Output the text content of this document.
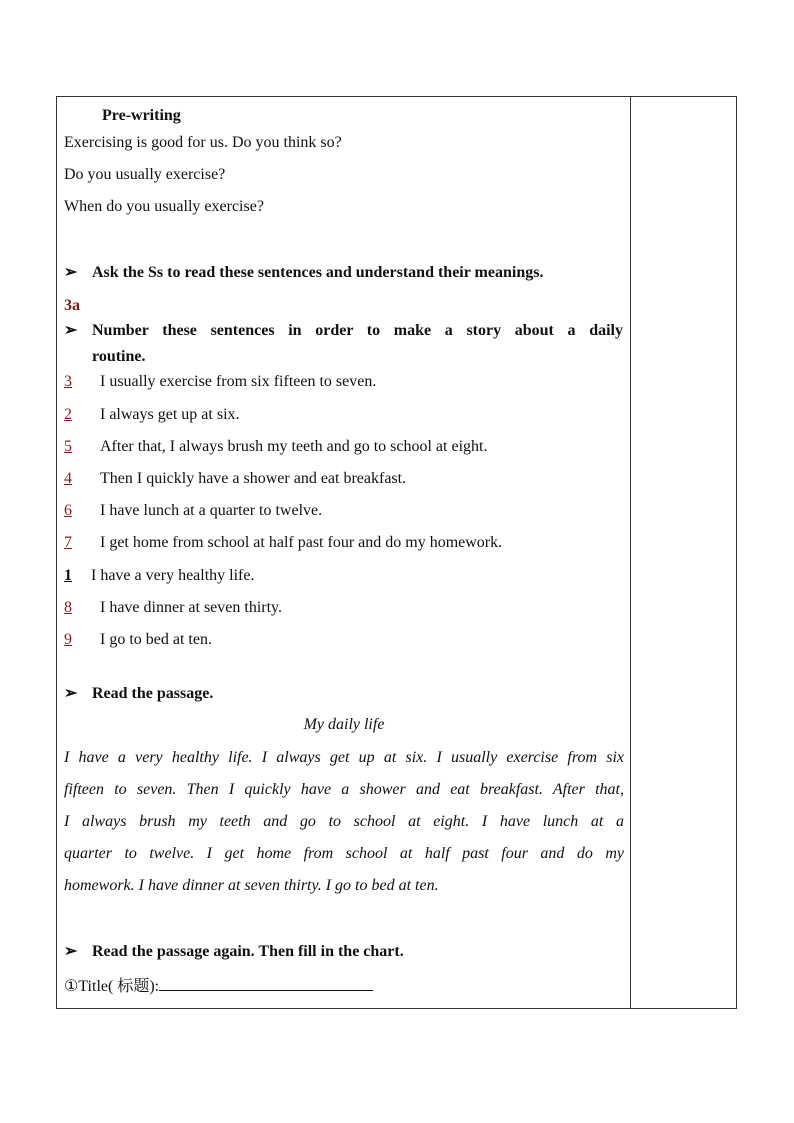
Pre-writing
Exercising is good for us. Do you think so?
Do you usually exercise?
When do you usually exercise?
➢ Ask the Ss to read these sentences and understand their meanings.
3a
➢ Number these sentences in order to make a story about a daily
routine.
3 I usually exercise from six fifteen to seven.
2 I always get up at six.
5 After that, I always brush my teeth and go to school at eight.
4 Then I quickly have a shower and eat breakfast.
6 I have lunch at a quarter to twelve.
7 I get home from school at half past four and do my homework.
1 I have a very healthy life.
8 I have dinner at seven thirty.
9 I go to bed at ten.
➢ Read the passage.
My daily life
I have a very healthy life. I always get up at six. I usually exercise from six
fifteen to seven. Then I quickly have a shower and eat breakfast. After that,
I always brush my teeth and go to school at eight. I have lunch at a
quarter to twelve. I get home from school at half past four and do my
homework. I have dinner at seven thirty. I go to bed at ten.
➢ Read the passage again. Then fill in the chart.
①Title( 标题):
